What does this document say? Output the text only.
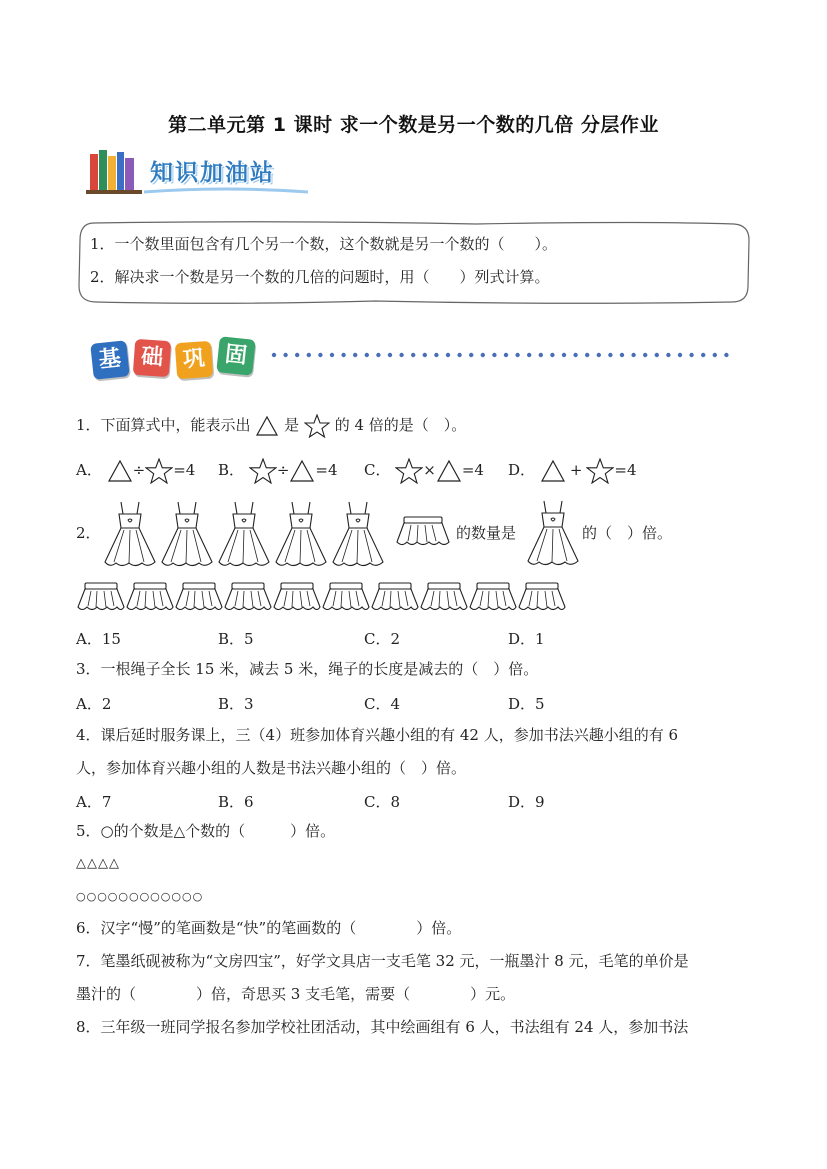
第二单元第 1 课时 求一个数是另一个数的几倍 分层作业
知识加油站
1．一个数里面包含有几个另一个数，这个数就是另一个数的（　　）。
2．解决求一个数是另一个数的几倍的问题时，用（　　）列式计算。
基 础 巩 固
1．下面算式中，能表示出 是 的 4 倍的是（　）。
A． ÷ =4 B． ÷ =4 C． × =4 D． + =4
2．	的数量是	的（　）倍。
A．15	B．5	C．2	D．1
3．一根绳子全长 15 米，减去 5 米，绳子的长度是减去的（　）倍。
A．2	B．3	C．4	D．5
4．课后延时服务课上，三（4）班参加体育兴趣小组的有 42 人，参加书法兴趣小组的有 6
人，参加体育兴趣小组的人数是书法兴趣小组的（　）倍。
A．7	B．6	C．8	D．9
5．○的个数是△个数的（　　　）倍。
△△△△
○○○○○○○○○○○○
6．汉字“慢”的笔画数是“快”的笔画数的（　　　　）倍。
7．笔墨纸砚被称为“文房四宝”，好学文具店一支毛笔 32 元，一瓶墨汁 8 元，毛笔的单价是
墨汁的（　　　　）倍，奇思买 3 支毛笔，需要（　　　　）元。
8．三年级一班同学报名参加学校社团活动，其中绘画组有 6 人，书法组有 24 人，参加书法
